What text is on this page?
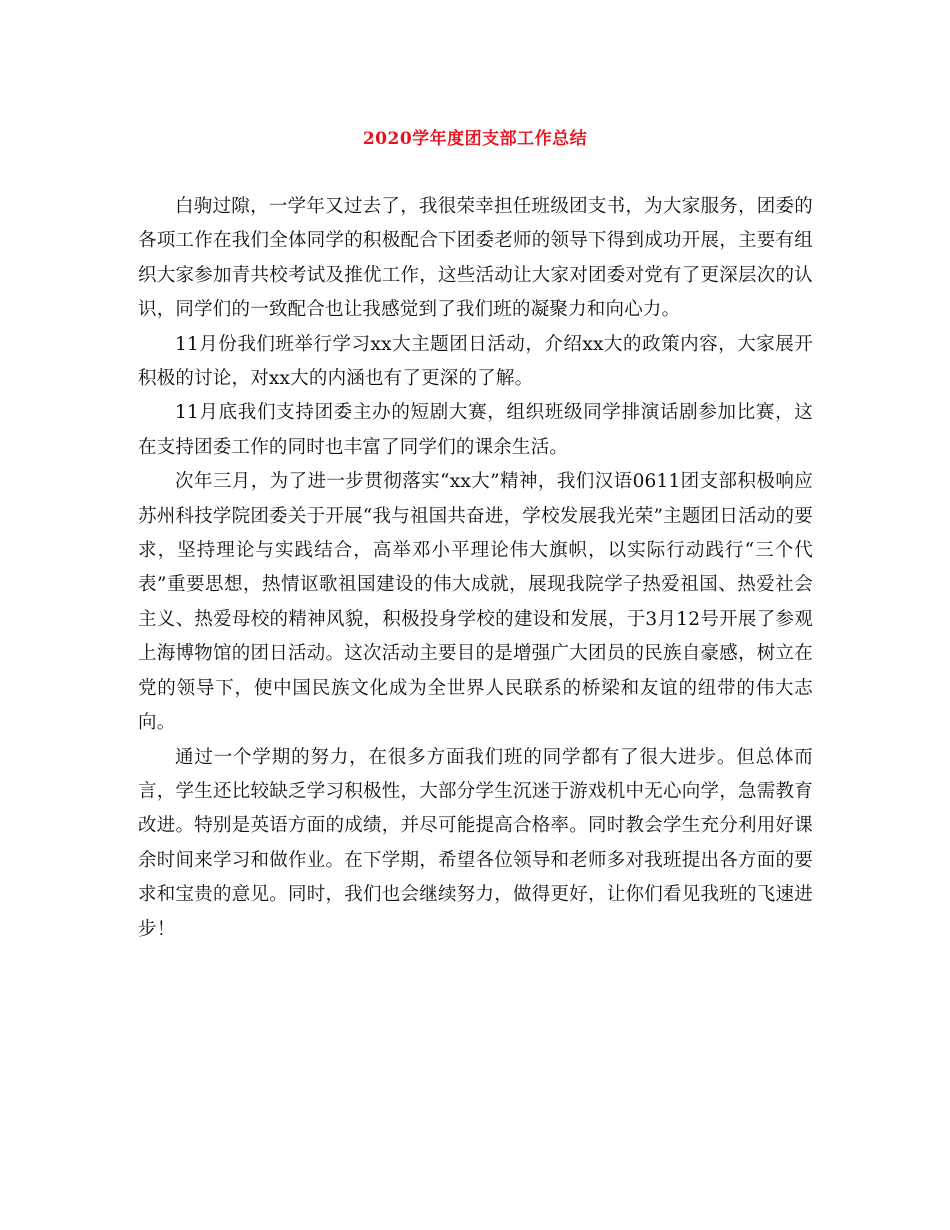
2020学年度团支部工作总结

白驹过隙，一学年又过去了，我很荣幸担任班级团支书，为大家服务，团委的各项工作在我们全体同学的积极配合下团委老师的领导下得到成功开展，主要有组织大家参加青共校考试及推优工作，这些活动让大家对团委对党有了更深层次的认识，同学们的一致配合也让我感觉到了我们班的凝聚力和向心力。

11月份我们班举行学习xx大主题团日活动，介绍xx大的政策内容，大家展开积极的讨论，对xx大的内涵也有了更深的了解。

11月底我们支持团委主办的短剧大赛，组织班级同学排演话剧参加比赛，这在支持团委工作的同时也丰富了同学们的课余生活。

次年三月，为了进一步贯彻落实“xx大”精神，我们汉语0611团支部积极响应苏州科技学院团委关于开展“我与祖国共奋进，学校发展我光荣”主题团日活动的要求，坚持理论与实践结合，高举邓小平理论伟大旗帜，以实际行动践行“三个代表”重要思想，热情讴歌祖国建设的伟大成就，展现我院学子热爱祖国、热爱社会主义、热爱母校的精神风貌，积极投身学校的建设和发展，于3月12号开展了参观上海博物馆的团日活动。这次活动主要目的是增强广大团员的民族自豪感，树立在党的领导下，使中国民族文化成为全世界人民联系的桥梁和友谊的纽带的伟大志向。

通过一个学期的努力，在很多方面我们班的同学都有了很大进步。但总体而言，学生还比较缺乏学习积极性，大部分学生沉迷于游戏机中无心向学，急需教育改进。特别是英语方面的成绩，并尽可能提高合格率。同时教会学生充分利用好课余时间来学习和做作业。在下学期，希望各位领导和老师多对我班提出各方面的要求和宝贵的意见。同时，我们也会继续努力，做得更好，让你们看见我班的飞速进步！
